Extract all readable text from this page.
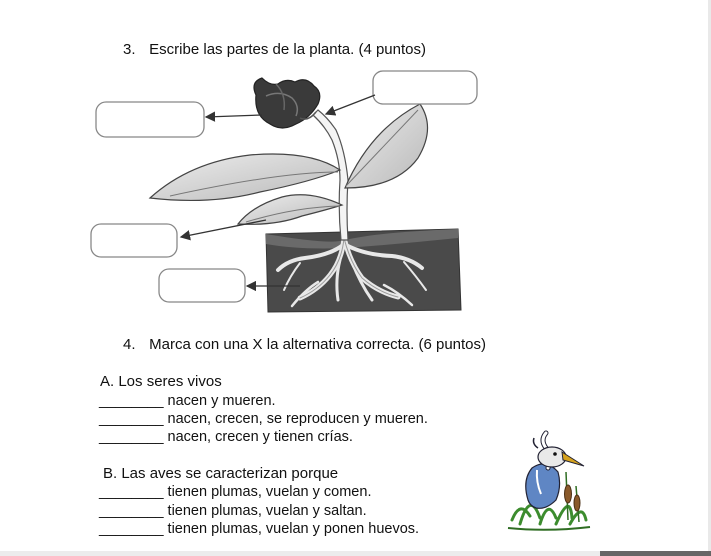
3. Escribe las partes de la planta. (4 puntos)
4. Marca con una X la alternativa correcta. (6 puntos)
A. Los seres vivos
________ nacen y mueren.
________ nacen, crecen, se reproducen y mueren.
________ nacen, crecen y tienen crías.
B. Las aves se caracterizan porque
________ tienen plumas, vuelan y comen.
________ tienen plumas, vuelan y saltan.
________ tienen plumas, vuelan y ponen huevos.
